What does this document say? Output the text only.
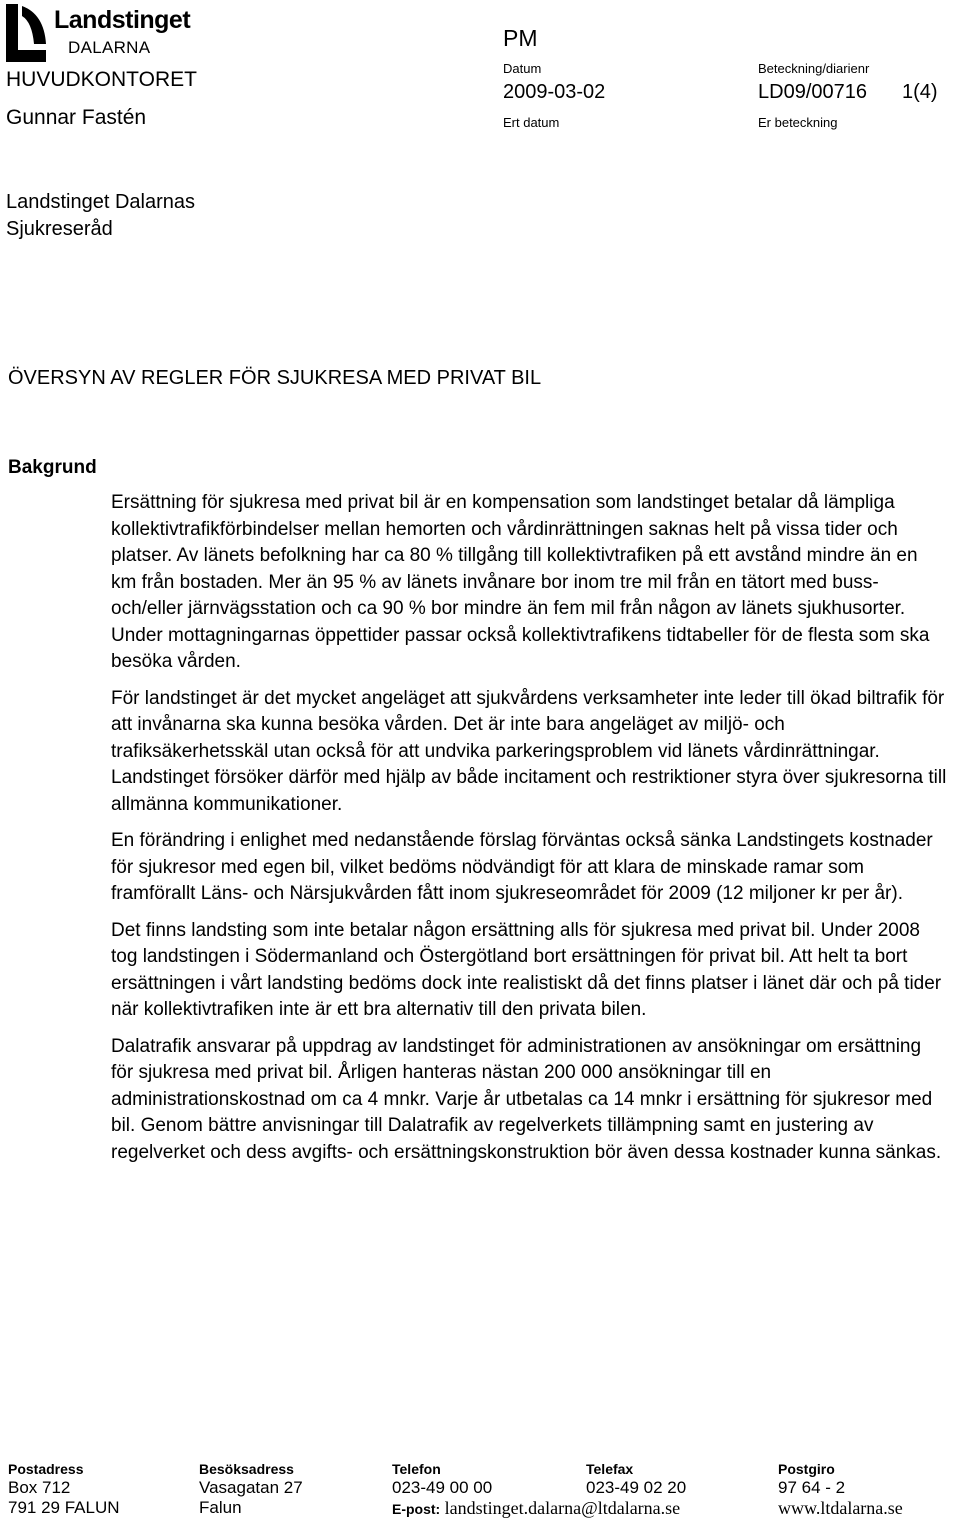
Landstinget
DALARNA
HUVUDKONTORET
Gunnar Fastén
PM
Datum
2009-03-02
Ert datum
Beteckning/diarienr
LD09/00716 1(4)
Er beteckning
Landstinget Dalarnas
Sjukreseråd
ÖVERSYN AV REGLER FÖR SJUKRESA MED PRIVAT BIL
Bakgrund

Ersättning för sjukresa med privat bil är en kompensation som landstinget betalar då lämpliga kollektivtrafikförbindelser mellan hemorten och vårdinrättningen saknas helt på vissa tider och platser. Av länets befolkning har ca 80 % tillgång till kollektivtrafiken på ett avstånd mindre än en km från bostaden. Mer än 95 % av länets invånare bor inom tre mil från en tätort med buss- och/eller järnvägsstation och ca 90 % bor mindre än fem mil från någon av länets sjukhusorter. Under mottagningarnas öppettider passar också kollektivtrafikens tidtabeller för de flesta som ska besöka vården.

För landstinget är det mycket angeläget att sjukvårdens verksamheter inte leder till ökad biltrafik för att invånarna ska kunna besöka vården. Det är inte bara angeläget av miljö- och trafiksäkerhetsskäl utan också för att undvika parkeringsproblem vid länets vårdinrättningar. Landstinget försöker därför med hjälp av både incitament och restriktioner styra över sjukresorna till allmänna kommunikationer.

En förändring i enlighet med nedanstående förslag förväntas också sänka Landstingets kostnader för sjukresor med egen bil, vilket bedöms nödvändigt för att klara de minskade ramar som framförallt Läns- och Närsjukvården fått inom sjukreseområdet för 2009 (12 miljoner kr per år).

Det finns landsting som inte betalar någon ersättning alls för sjukresa med privat bil. Under 2008 tog landstingen i Södermanland och Östergötland bort ersättningen för privat bil. Att helt ta bort ersättningen i vårt landsting bedöms dock inte realistiskt då det finns platser i länet där och på tider när kollektivtrafiken inte är ett bra alternativ till den privata bilen.

Dalatrafik ansvarar på uppdrag av landstinget för administrationen av ansökningar om ersättning för sjukresa med privat bil. Årligen hanteras nästan 200 000 ansökningar till en administrationskostnad om ca 4 mnkr. Varje år utbetalas ca 14 mnkr i ersättning för sjukresor med bil. Genom bättre anvisningar till Dalatrafik av regelverkets tillämpning samt en justering av regelverket och dess avgifts- och ersättningskonstruktion bör även dessa kostnader kunna sänkas.

Postadress
Box 712
791 29 FALUN
Besöksadress
Vasagatan 27
Falun
Telefon
023-49 00 00
E-post: landstinget.dalarna@ltdalarna.se
Telefax
023-49 02 20
Postgiro
97 64 - 2
www.ltdalarna.se
